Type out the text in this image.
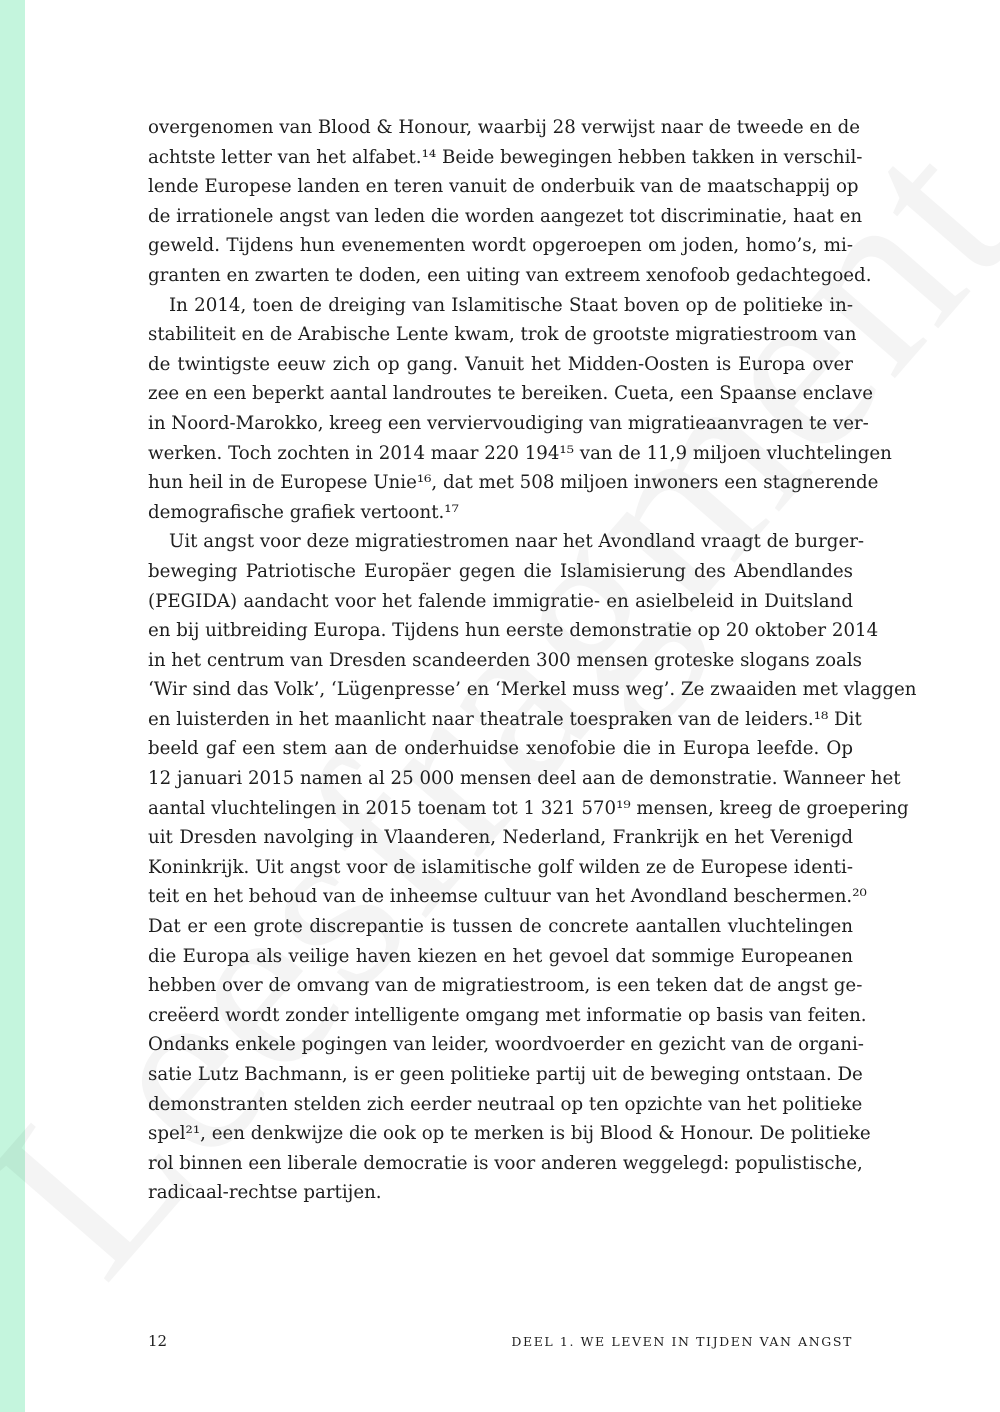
overgenomen van Blood & Honour, waarbij 28 verwijst naar de tweede en de
achtste letter van het alfabet.¹⁴ Beide bewegingen hebben takken in verschil-
lende Europese landen en teren vanuit de onderbuik van de maatschappij op
de irrationele angst van leden die worden aangezet tot discriminatie, haat en
geweld. Tijdens hun evenementen wordt opgeroepen om joden, homo’s, mi-
granten en zwarten te doden, een uiting van extreem xenofoob gedachtegoed.
In 2014, toen de dreiging van Islamitische Staat boven op de politieke in-
stabiliteit en de Arabische Lente kwam, trok de grootste migratiestroom van
de twintigste eeuw zich op gang. Vanuit het Midden-Oosten is Europa over
zee en een beperkt aantal landroutes te bereiken. Cueta, een Spaanse enclave
in Noord-Marokko, kreeg een verviervoudiging van migratieaanvragen te ver-
werken. Toch zochten in 2014 maar 220 194¹⁵ van de 11,9 miljoen vluchtelingen
hun heil in de Europese Unie¹⁶, dat met 508 miljoen inwoners een stagnerende
demografische grafiek vertoont.¹⁷
Uit angst voor deze migratiestromen naar het Avondland vraagt de burger-
beweging Patriotische Europäer gegen die Islamisierung des Abendlandes
(PEGIDA) aandacht voor het falende immigratie- en asielbeleid in Duitsland
en bij uitbreiding Europa. Tijdens hun eerste demonstratie op 20 oktober 2014
in het centrum van Dresden scandeerden 300 mensen groteske slogans zoals
‘Wir sind das Volk’, ‘Lügenpresse’ en ‘Merkel muss weg’. Ze zwaaiden met vlaggen
en luisterden in het maanlicht naar theatrale toespraken van de leiders.¹⁸ Dit
beeld gaf een stem aan de onderhuidse xenofobie die in Europa leefde. Op
12 januari 2015 namen al 25 000 mensen deel aan de demonstratie. Wanneer het
aantal vluchtelingen in 2015 toenam tot 1 321 570¹⁹ mensen, kreeg de groepering
uit Dresden navolging in Vlaanderen, Nederland, Frankrijk en het Verenigd
Koninkrijk. Uit angst voor de islamitische golf wilden ze de Europese identi-
teit en het behoud van de inheemse cultuur van het Avondland beschermen.²⁰
Dat er een grote discrepantie is tussen de concrete aantallen vluchtelingen
die Europa als veilige haven kiezen en het gevoel dat sommige Europeanen
hebben over de omvang van de migratiestroom, is een teken dat de angst ge-
creëerd wordt zonder intelligente omgang met informatie op basis van feiten.
Ondanks enkele pogingen van leider, woordvoerder en gezicht van de organi-
satie Lutz Bachmann, is er geen politieke partij uit de beweging ontstaan. De
demonstranten stelden zich eerder neutraal op ten opzichte van het politieke
spel²¹, een denkwijze die ook op te merken is bij Blood & Honour. De politieke
rol binnen een liberale democratie is voor anderen weggelegd: populistische,
radicaal-rechtse partijen.
12	DEEL 1. WE LEVEN IN TIJDEN VAN ANGST
